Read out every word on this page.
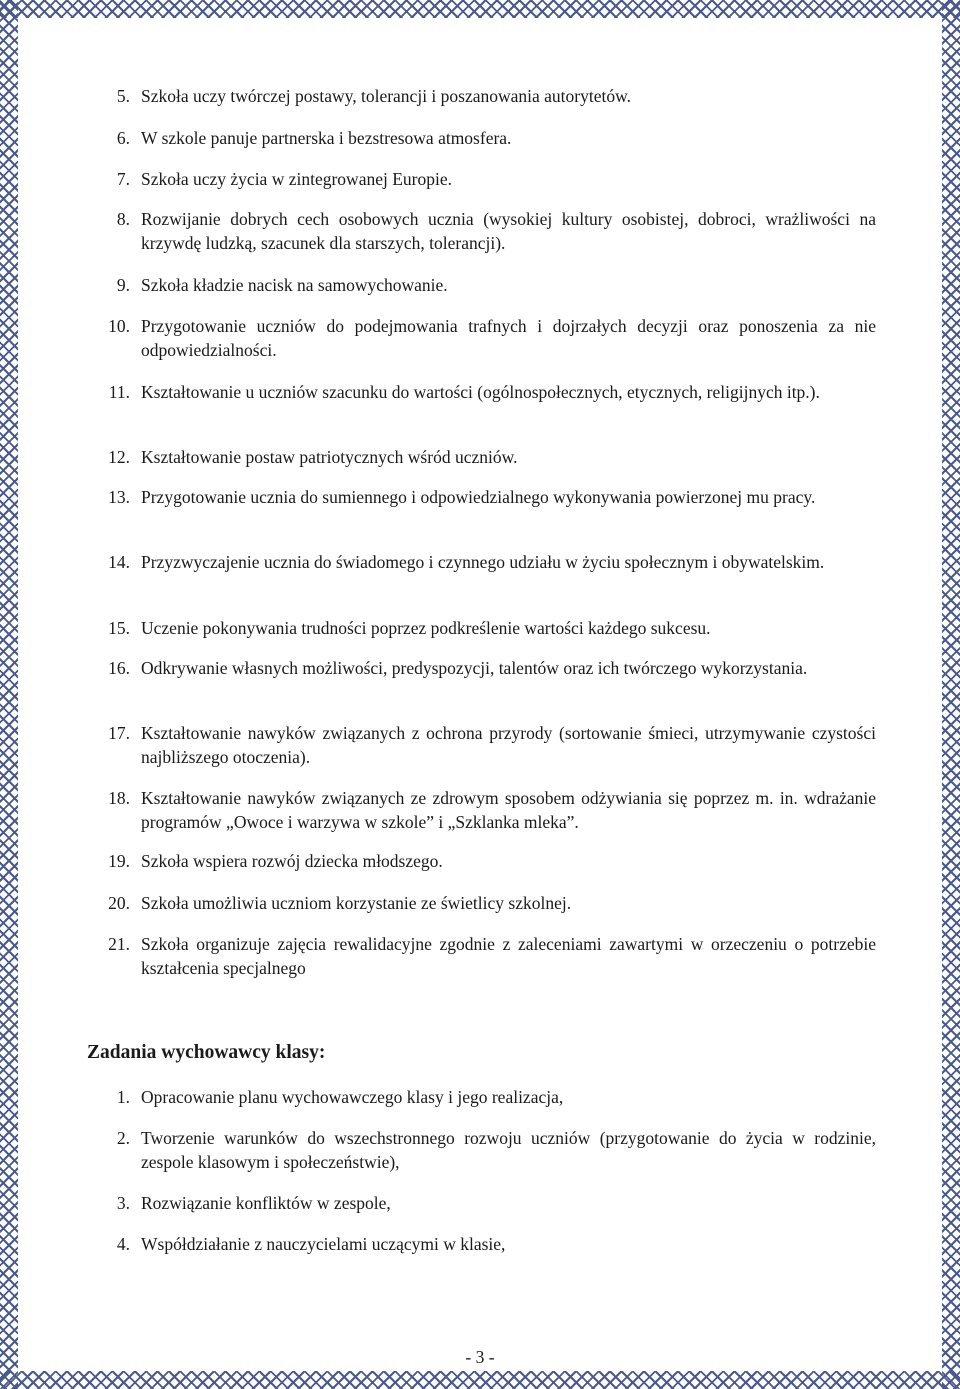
5. Szkoła uczy twórczej postawy, tolerancji i poszanowania autorytetów.
6. W szkole panuje partnerska i bezstresowa atmosfera.
7. Szkoła uczy życia w zintegrowanej Europie.
8. Rozwijanie dobrych cech osobowych ucznia (wysokiej kultury osobistej, dobroci, wrażliwości na krzywdę ludzką, szacunek dla starszych, tolerancji).
9. Szkoła kładzie nacisk na samowychowanie.
10. Przygotowanie uczniów do podejmowania trafnych i dojrzałych decyzji oraz ponoszenia za nie odpowiedzialności.
11. Kształtowanie u uczniów szacunku do wartości (ogólnospołecznych, etycznych, religijnych itp.).
12. Kształtowanie postaw patriotycznych wśród uczniów.
13. Przygotowanie ucznia do sumiennego i odpowiedzialnego wykonywania powierzonej mu pracy.
14. Przyzwyczajenie ucznia do świadomego i czynnego udziału w życiu społecznym i obywatelskim.
15. Uczenie pokonywania trudności poprzez podkreślenie wartości każdego sukcesu.
16. Odkrywanie własnych możliwości, predyspozycji, talentów oraz ich twórczego wykorzystania.
17. Kształtowanie nawyków związanych z ochrona przyrody (sortowanie śmieci, utrzymywanie czystości najbliższego otoczenia).
18. Kształtowanie nawyków związanych ze zdrowym sposobem odżywiania się poprzez m. in. wdrażanie programów „Owoce i warzywa w szkole” i „Szklanka mleka”.
19. Szkoła wspiera rozwój dziecka młodszego.
20. Szkoła umożliwia uczniom korzystanie ze świetlicy szkolnej.
21. Szkoła organizuje zajęcia rewalidacyjne zgodnie z zaleceniami zawartymi w orzeczeniu o potrzebie kształcenia specjalnego
Zadania wychowawcy klasy:
1. Opracowanie planu wychowawczego klasy i jego realizacja,
2. Tworzenie warunków do wszechstronnego rozwoju uczniów (przygotowanie do życia w rodzinie, zespole klasowym i społeczeństwie),
3. Rozwiązanie konfliktów w zespole,
4. Współdziałanie z nauczycielami uczącymi w klasie,
- 3 -
